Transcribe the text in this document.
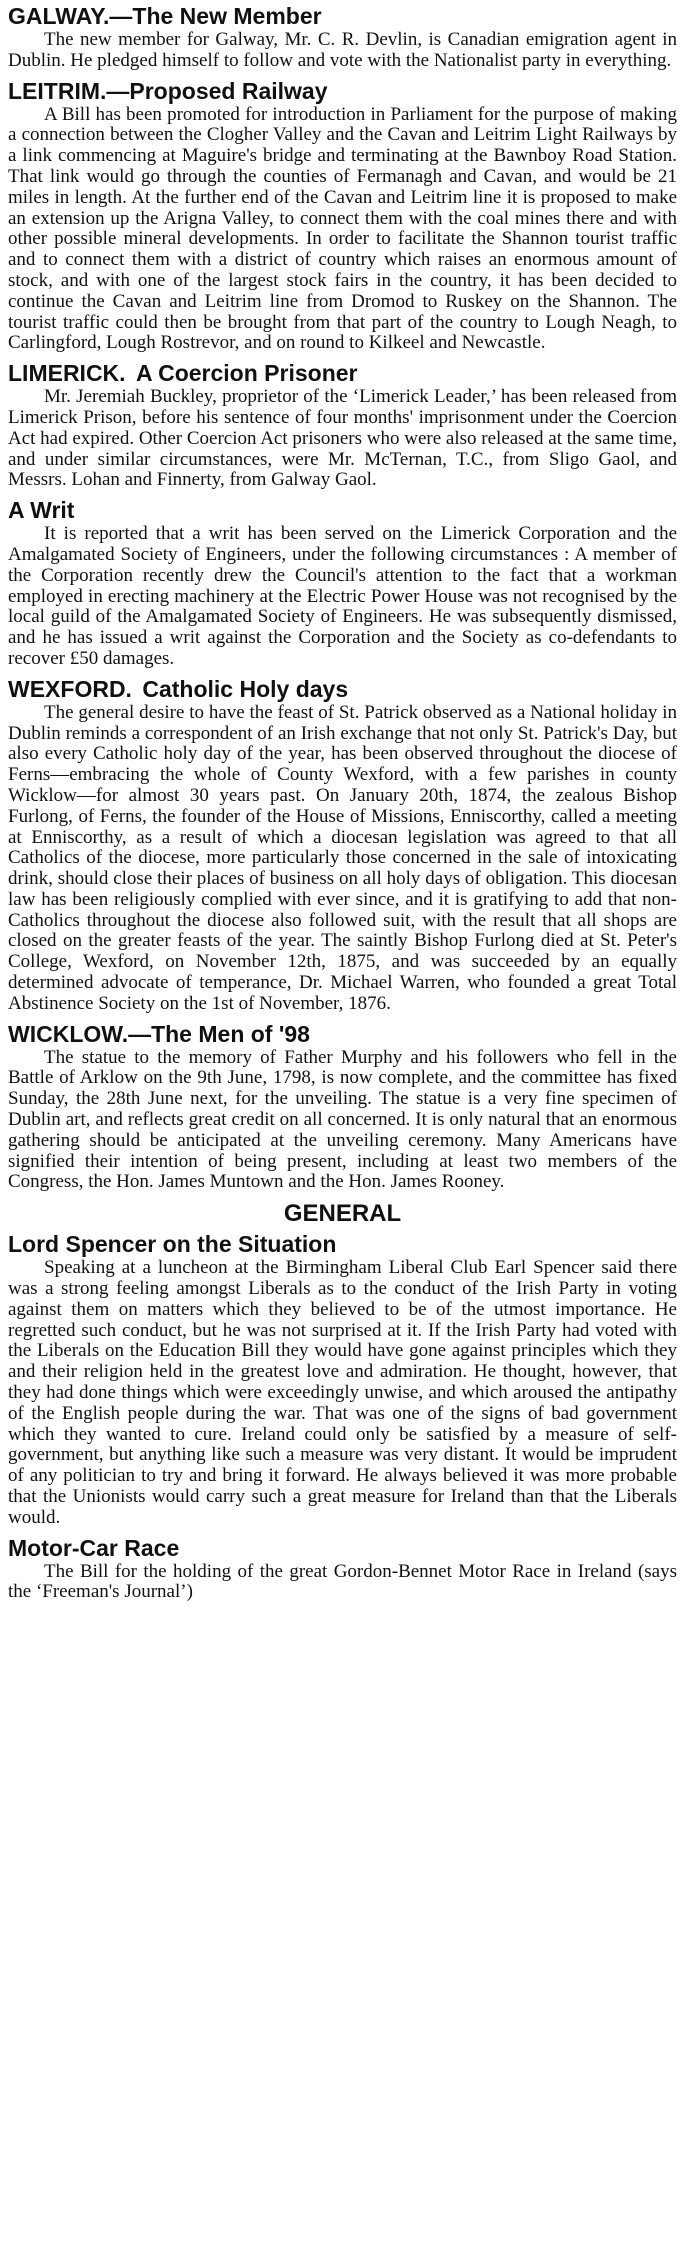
GALWAY.—The New Member

The new member for Galway, Mr. C. R. Devlin, is Canadian emigration agent in Dublin. He pledged himself to follow and vote with the Nationalist party in everything.

LEITRIM.—Proposed Railway

A Bill has been promoted for introduction in Parliament for the purpose of making a connection between the Clogher Valley and the Cavan and Leitrim Light Railways by a link commencing at Maguire's bridge and terminating at the Bawnboy Road Station. That link would go through the counties of Fermanagh and Cavan, and would be 21 miles in length. At the further end of the Cavan and Leitrim line it is proposed to make an extension up the Arigna Valley, to connect them with the coal mines there and with other possible mineral developments. In order to facilitate the Shannon tourist traffic and to connect them with a district of country which raises an enormous amount of stock, and with one of the largest stock fairs in the country, it has been decided to continue the Cavan and Leitrim line from Dromod to Ruskey on the Shannon. The tourist traffic could then be brought from that part of the country to Lough Neagh, to Carlingford, Lough Rostrevor, and on round to Kilkeel and Newcastle.

LIMERICK. A Coercion Prisoner

Mr. Jeremiah Buckley, proprietor of the ‘Limerick Leader,’ has been released from Limerick Prison, before his sentence of four months' imprisonment under the Coercion Act had expired. Other Coercion Act prisoners who were also released at the same time, and under similar circumstances, were Mr. McTernan, T.C., from Sligo Gaol, and Messrs. Lohan and Finnerty, from Galway Gaol.

A Writ

It is reported that a writ has been served on the Limerick Corporation and the Amalgamated Society of Engineers, under the following circumstances : A member of the Corporation recently drew the Council's attention to the fact that a workman employed in erecting machinery at the Electric Power House was not recognised by the local guild of the Amalgamated Society of Engineers. He was subsequently dismissed, and he has issued a writ against the Corporation and the Society as co-defendants to recover £50 damages.

WEXFORD. Catholic Holy days

The general desire to have the feast of St. Patrick observed as a National holiday in Dublin reminds a correspondent of an Irish exchange that not only St. Patrick's Day, but also every Catholic holy day of the year, has been observed throughout the diocese of Ferns—embracing the whole of County Wexford, with a few parishes in county Wicklow—for almost 30 years past. On January 20th, 1874, the zealous Bishop Furlong, of Ferns, the founder of the House of Missions, Enniscorthy, called a meeting at Enniscorthy, as a result of which a diocesan legislation was agreed to that all Catholics of the diocese, more particularly those concerned in the sale of intoxicating drink, should close their places of business on all holy days of obligation. This diocesan law has been religiously complied with ever since, and it is gratifying to add that non-Catholics throughout the diocese also followed suit, with the result that all shops are closed on the greater feasts of the year. The saintly Bishop Furlong died at St. Peter's College, Wexford, on November 12th, 1875, and was succeeded by an equally determined advocate of temperance, Dr. Michael Warren, who founded a great Total Abstinence Society on the 1st of November, 1876.

WICKLOW.—The Men of '98

The statue to the memory of Father Murphy and his followers who fell in the Battle of Arklow on the 9th June, 1798, is now complete, and the committee has fixed Sunday, the 28th June next, for the unveiling. The statue is a very fine specimen of Dublin art, and reflects great credit on all concerned. It is only natural that an enormous gathering should be anticipated at the unveiling ceremony. Many Americans have signified their intention of being present, including at least two members of the Congress, the Hon. James Muntown and the Hon. James Rooney.

GENERAL
Lord Spencer on the Situation

Speaking at a luncheon at the Birmingham Liberal Club Earl Spencer said there was a strong feeling amongst Liberals as to the conduct of the Irish Party in voting against them on matters which they believed to be of the utmost importance. He regretted such conduct, but he was not surprised at it. If the Irish Party had voted with the Liberals on the Education Bill they would have gone against principles which they and their religion held in the greatest love and admiration. He thought, however, that they had done things which were exceedingly unwise, and which aroused the antipathy of the English people during the war. That was one of the signs of bad government which they wanted to cure. Ireland could only be satisfied by a measure of self-government, but anything like such a measure was very distant. It would be imprudent of any politician to try and bring it forward. He always believed it was more probable that the Unionists would carry such a great measure for Ireland than that the Liberals would.

Motor-Car Race

The Bill for the holding of the great Gordon-Bennet Motor Race in Ireland (says the ‘Freeman's Journal’)
